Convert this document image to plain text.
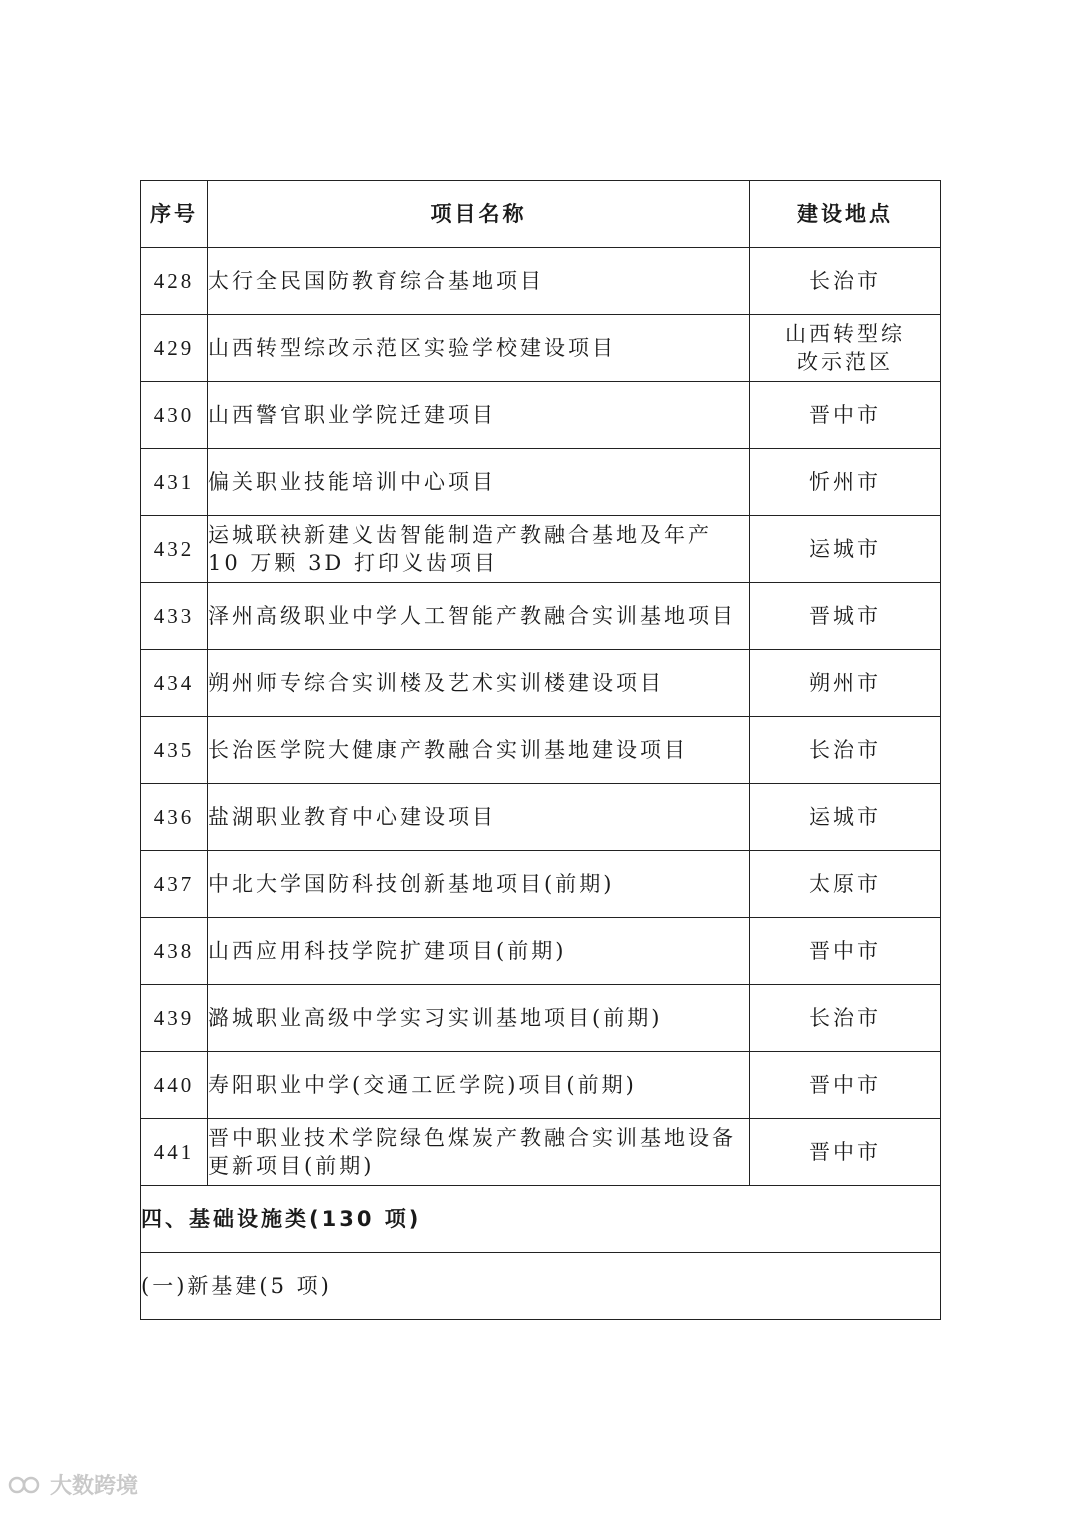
序号	项目名称	建设地点
428	太行全民国防教育综合基地项目	长治市
429	山西转型综改示范区实验学校建设项目	山西转型综改示范区

430	山西警官职业学院迁建项目	晋中市
431	偏关职业技能培训中心项目	忻州市
432	运城联袂新建义齿智能制造产教融合基地及年产 10 万颗 3D 打印义齿项目	运城市
433	泽州高级职业中学人工智能产教融合实训基地项目	晋城市
434	朔州师专综合实训楼及艺术实训楼建设项目	朔州市
435	长治医学院大健康产教融合实训基地建设项目	长治市
436	盐湖职业教育中心建设项目	运城市
437	中北大学国防科技创新基地项目(前期)	太原市
438	山西应用科技学院扩建项目(前期)	晋中市
439	潞城职业高级中学实习实训基地项目(前期)	长治市
440	寿阳职业中学(交通工匠学院)项目(前期)	晋中市
441	晋中职业技术学院绿色煤炭产教融合实训基地设备更新项目(前期)	晋中市
四、基础设施类(130 项)		
(一)新基建(5 项)		
大数跨境
